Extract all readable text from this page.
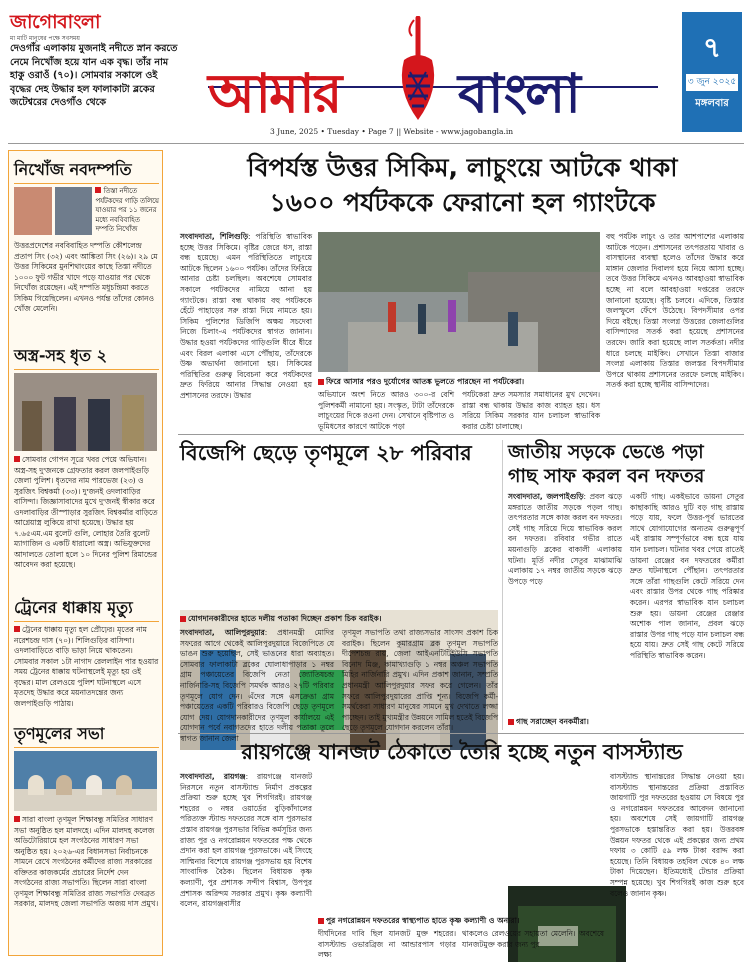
জাগোবাংলা
মা মাটি মানুষের পক্ষে সবসময়
দেওগাঁর এলাকায় মুজনাই নদীতে স্নান করতে নেমে নিখোঁজ হয়ে যান এক বৃদ্ধ। তাঁর নাম হাকু ওরাওঁ (৭০)। সোমবার সকালে ওই বৃদ্ধের দেহ উদ্ধার হল ফালাকাটা ব্লকের জটেশ্বরের দেওগাঁও থেকে	আমার বাংলা
3 June, 2025 • Tuesday • Page 7 || Website - www.jagobangla.in
৭
৩ জুন ২০২৫
মঙ্গলবার
নিখোঁজ নবদম্পতি
তিস্তা নদীতে পর্যটকদের গাড়ি তলিয়ে যাওয়ার পর ১১ জনের মধ্যে নববিবাহিত দম্পতি নিখোঁজ
উত্তরপ্রদেশের নববিবাহিত দম্পতি কৌশলেন্দ্র প্রতাপ সিং (৩২) এবং আঙ্কিতা সিং (২৬)। ২৯ মে উত্তর সিকিমের মুনশিথাংয়ের কাছে তিস্তা নদীতে ১০০০ ফুট গভীর খাদে পড়ে যাওয়ার পর থেকে নিখোঁজ রয়েছেন। এই দম্পতি মধুচন্দ্রিমা করতে সিকিম গিয়েছিলেন। এখনও পর্যন্ত তাঁদের কোনও খোঁজ মেলেনি।
অস্ত্র-সহ ধৃত ২
সোমবার গোপন সূত্রে খবর পেয়ে অভিযান। অস্ত্র-সহ দু'জনকে গ্রেফতার করল জলপাইগুড়ি জেলা পুলিশ। ধৃতদের নাম পারভেজ (২৩) ও সুরজিৎ বিশ্বকর্মা (৩৩)। দু'জনই ওদলাবাড়ির বাসিন্দা। জিজ্ঞাসাবাদের মুখে দু'জনই স্বীকার করে ওদলাবাড়ির তীস্পাড়ার সুরজিৎ বিশ্বকর্মার বাড়িতে আগ্নেয়াস্ত্র লুকিয়ে রাখা হয়েছে। উদ্ধার হয় ৭.৬৫এম.এম বুলেট গুলি, লোহার তৈরি বুলেট ম্যাগাজিন ও একটি ধারালো অস্ত্র। অভিযুক্তদের আদালতে তোলা হলে ১০ দিনের পুলিশ রিমান্ডের আবেদন করা হয়েছে।
ট্রেনের ধাক্কায় মৃত্যু
ট্রেনের ধাক্কায় মৃত্যু হল প্রৌঢ়ের। মৃতের নাম নরেশচন্দ্র দাস (৭০)। শিলিগুড়ির বাসিন্দা। ওদলাবাড়িতে বাড়ি ভাড়া নিয়ে থাকতেন। সোমবার সকাল ১টা নাগাদ রেললাইন পার হওয়ার সময় ট্রেনের ধাক্কায় ঘটনাস্থলেই মৃত্যু হয় ওই বৃদ্ধের। মাল রেলওয়ে পুলিশ ঘটনাস্থলে এসে মৃতদেহ উদ্ধার করে ময়নাতদন্তের জন্য জলপাইগুড়ি পাঠায়।
তৃণমূলের সভা
সারা বাংলা তৃণমূল শিক্ষাবন্ধু সমিতির সাধারণ সভা অনুষ্ঠিত হল মালদহে। এদিন মালদহ কলেজ অডিটোরিয়ামে হল সংগঠনের সাধারণ সভা অনুষ্ঠিত হয়। ২০২৬-এর বিধানসভা নির্বাচনকে সামনে রেখে সংগঠনের কর্মীদের রাজ্য সরকারের বক্তিতর কাজকর্মের প্রচারের নির্দেশ দেন সংগঠনের রাজ্য সভাপতি। ছিলেন সারা বাংলা তৃণমূল শিক্ষাবন্ধু সমিতির রাজ্য সভাপতি দেবব্রত সরকার, মালদহ জেলা সভাপতি অজয় দাস প্রমুখ।
বিপর্যস্ত উত্তর সিকিম, লাচুংয়ে আটকে থাকা
১৬০০ পর্যটককে ফেরানো হল গ্যাংটকে
সংবাদদাতা, শিলিগুড়ি: পরিস্থিতি স্বাভাবিক হচ্ছে উত্তর সিকিমে। বৃষ্টির জেরে ধস, রাস্তা বন্ধ হয়েছে। এমন পরিস্থিতিতে লাচুংয়ে আটকে ছিলেন ১৬০০ পর্যটক। তাঁদের ফিরিয়ে আনার চেষ্টা চলছিল। অবশেষে সোমবার সকালে পর্যটকদের নামিয়ে আনা হয় গ্যাংটকে। রাস্তা বন্ধ থাকায় বহু পর্যটককে হেঁটে পাহাড়ের সরু রাস্তা দিয়ে নামতে হয়। সিকিম পুলিশের ডিজিপি অক্ষয় সচদেবা নিজে চিলাং-এ পর্যটকদের স্বাগত জানান। উদ্ধার হওয়া পর্যটকদের গাড়িগুলি ধীরে ধীরে এবং বিরল এলাকা এসে পৌঁছায়, তাঁদেরকে উষ্ণ অভ্যর্থনা জানানো হয়। সিকিমের পরিস্থিতির গুরুত্ব বিবেচনা করে পর্যটকদের দ্রুত ফিরিয়ে আনার সিদ্ধান্ত নেওয়া হয় প্রশাসনের তরফে। উদ্ধার
ফিরে আসার পরও দুর্যোগের আতঙ্ক ভুলতে পারছেন না পর্যটকেরা।
অভিযানে অংশ নিতে আরও ৩০০-র বেশি পুলিশকর্মী নামানো হয়। সংস্কৃত, টাটা তাঁদেরকে লাচুংয়ের দিকে রওনা দেন। সেখানে বৃষ্টিপাত ও ভূমিধসের কারণে আটকে পড়া
পর্যটকেরা দ্রুত সমস্যার সমাধানের মুখ দেখেন। রাস্তা বন্ধ থাকায় উদ্ধার কাজ ব্যাহত হয়। ধস সরিয়ে সিকিম সরকার যান চলাচল স্বাভাবিক করার চেষ্টা চালাচ্ছে।
বহু পর্যটক লাচুং ও তার আশপাশের এলাকায় আটকে পড়েন। প্রশাসনের তৎপরতায় খাবার ও বাসস্থানের ব্যবস্থা হলেও তাঁদের উদ্ধার করে মাঙ্গান জেলার দিবালগ হয়ে নিয়ে আসা হচ্ছে। তবে উত্তর সিকিমে এখনও আবহাওয়া স্বাভাবিক হচ্ছে না বলে আবহাওয়া দপ্তরের তরফে জানানো হয়েছে। বৃষ্টি চলবে। এদিকে, তিস্তার জলস্ফুলে ফেঁপে উঠেছে। বিপদসীমার ওপর দিয়ে বইছে। তিস্তা সংলগ্ন উত্তরের জেলাগুলির বাসিন্দাদের সতর্ক করা হয়েছে প্রশাসনের তরফে। জারি করা হয়েছে লাল সতর্কতা। নদীর ধারে চলছে মাইকিং। সেখানে তিস্তা বাজার সংলগ্ন এলাকায় তিস্তার জলস্তর বিপদসীমার উপরে থাকায় প্রশাসনের তরফে চলছে মাইকিং। সতর্ক করা হচ্ছে স্থানীয় বাসিন্দাদের।
বিজেপি ছেড়ে তৃণমূলে ২৮ পরিবার
যোগদানকারীদের হাতে দলীয় পতাকা দিচ্ছেন প্রকাশ চিক বরাইক।
সংবাদদাতা, আলিপুরদুয়ার: প্রধানমন্ত্রী মোদির সফরের আগে থেকেই আলিপুরদুয়ারে বিজেপিতে যে ভাঙন শুরু হয়েছিল, সেই ভাঙনের ধারা অব্যাহত। সোমবার ফালাকাটা ব্লকের ঘোলাধাপাড়ার ১ নম্বর গ্রাম পঞ্চায়েতের বিজেপি নেতা জ্যোতিষচন্দ্র নার্জিনারি-সহ বিজেপি সমর্থক আরও ২৭টি পরিবার তৃণমূলে যোগ দেন। এঁদের সঙ্গে এসক্রেঙা গ্রাম পঞ্চায়েতের একটি পরিবারও বিজেপি ছেড়ে তৃণমূলে যোগ দেয়। যোগদানকারীদের তৃণমূল কার্যালয়ে এই যোগদান পর্বে নবাগতদের হাতে দলীয় পতাকা তুলে স্বাগত জানান জেলা
তৃণমূল সভাপতি তথা রাজ্যসভার সাংসদ প্রকাশ চিক বরাইক। ছিলেন কুমারগ্রাম ব্লক তৃণমূল সভাপতি দীপেশচন্দ্র রায়, জেলা আইএনটিটিইউসি সভাপতি বিনোদ মিঞ্জ, কামাখ্যাগুড়ি ১ নম্বর অঞ্চল সভাপতি মিহির নার্জিনারি প্রমুখ। এদিন প্রকাশ জানান, সম্প্রতি প্রধানমন্ত্রী আলিপুরদুয়ার সফর করে গেলেন। তাঁর সফরে আলিপুরদুয়ারের প্রাপ্তি শূন্য। বিজেপি কর্মী-সমর্থকেরা সাধারণ মানুষের সামনে মুখ দেখাতে লজ্জা পাচ্ছেন। তাই মুখ্যমন্ত্রীর উন্নয়নে সামিল হতেই বিজেপি ছেড়ে তৃণমূলে যোগদান করলেন তাঁরা।
জাতীয় সড়কে ভেঙে পড়া
গাছ সাফ করল বন দফতর
সংবাদদাতা, জলপাইগুড়ি: প্রবল ঝড়ে মঙ্গরাতে জাতীয় সড়কে পড়ল গাছ। তৎপরতার সঙ্গে কাজ করল বন দফতর। সেই গাছ সরিয়ে দিয়ে স্বাভাবিক করল বন দফতর। রবিবার গভীর রাতে ময়নাগুড়ি ব্লকের বাকালী এলাকায় ঘটনা। মূর্তি নদীর সেতুর মাঝামাঝি এলাকায় ১৭ নম্বর জাতীয় সড়কে ঝড়ে উপড়ে পড়ে
গাছ সরাচ্ছেন বনকর্মীরা।
একটি গাছ। একইভাবে ডায়না সেতুর কাছাকাছি আরও দুটি বড় গাছ রাস্তায় পড়ে যায়, ফলে উত্তর-পূর্ব ভারতের সাথে যোগাযোগের অন্যতম গুরুত্বপূর্ণ এই রাস্তায় সম্পূর্ণভাবে বন্ধ হয়ে যায় যান চলাচল। ঘটনার খবর পেয়ে রাতেই ডায়না রেঞ্জের বন দফতরের কর্মীরা দ্রুত ঘটনাস্থলে পৌঁছান। তৎপরতার সঙ্গে তাঁরা গাছগুলি কেটে সরিয়ে দেন এবং রাস্তার উপর থেকে গাছ পরিষ্কার করেন। এরপর স্বাভাবিক যান চলাচল শুরু হয়। ডায়না রেঞ্জের রেঞ্জার অশোক পাল জানান, প্রবল ঝড়ে রাস্তার উপর গাছ পড়ে যান চলাচল বন্ধ হয়ে যায়। দ্রুত সেই গাছ কেটে সরিয়ে পরিস্থিতি স্বাভাবিক করেন।
রায়গঞ্জে যানজট ঠেকাতে তৈরি হচ্ছে নতুন বাসস্ট্যান্ড
সংবাদদাতা, রায়গঞ্জ: রায়গঞ্জে যানজট নিরসনে নতুন বাসস্ট্যান্ড নির্মাণ প্রকল্পের প্রক্রিয়া শুরু হচ্ছে খুব শিগগিরই। রায়গঞ্জ শহরের ৩ নম্বর ওয়ার্ডের বুড়িকাঁদালের পরিত্যক্ত স্ট্যান্ড দফতরের সঙ্গে বাস পুরসভার প্রস্তাব রায়গঞ্জ পুরসভার বিভিন্ন কর্মসূচির জন্য রাজ্য পুর ও নগরোন্নয়ন দফতরের পক্ষ থেকে প্রদান করা হল রায়গঞ্জ পুরসভাকে। এই সিংহে সাম্মিনার বিশেষে রায়গঞ্জ পুরসভায় হয় বিশেষ সাংবাদিক বৈঠক। ছিলেন বিধায়ক কৃষ্ণ কল্যাণী, পুর প্রশাসক সন্দীপ বিশ্বাস, উপপুর প্রশাসক অরিন্দম সরকার প্রমুখ। কৃষ্ণ কল্যাণী বলেন, রায়গঞ্জবাসীর
পুর নগরোন্নয়ন দফতরের স্বাস্থ্যপাত হাতে কৃষ্ণ কল্যাণী ও অন্যরা।
দীর্ঘদিনের দাবি ছিল যানজট মুক্ত শহরের। বাসস্ট্যান্ড ওভারব্রিজ না আন্ডারপাস গড়ার লক্ষ্য
থাকলেও রেলওয়ের সহায়তা মেলেনি। অবশেষে যানজটমুক্ত করার জন্য পুর
বাসস্ট্যান্ড স্থানান্তরের সিদ্ধান্ত নেওয়া হয়। বাসস্ট্যান্ড স্থানান্তরের প্রক্রিয়া প্রস্তাবিত জায়গাটি পুর দফতরের হওয়ায় সে বিষয়ে পুর ও নগরোন্নয়ন দফতরের আবেদন জানানো হয়। অবশেষে সেই জায়গাটি রায়গঞ্জ পুরসভাকে হস্তান্তরিত করা হয়। উত্তরবঙ্গ উন্নয়ন দফতর থেকে এই প্রকল্পের জন্য প্রথম দফায় ৩ কোটি ৫৯ লক্ষ টাকা বরাদ্দ করা হয়েছে। তিনি বিধায়ক তহবিল থেকে ৪০ লক্ষ টাকা দিয়েছেন। ইতিমধ্যেই টেন্ডার প্রক্রিয়া সম্পন্ন হয়েছে। খুব শিগগিরই কাজ শুরু হবে বলেও জানান কৃষ্ণ।
